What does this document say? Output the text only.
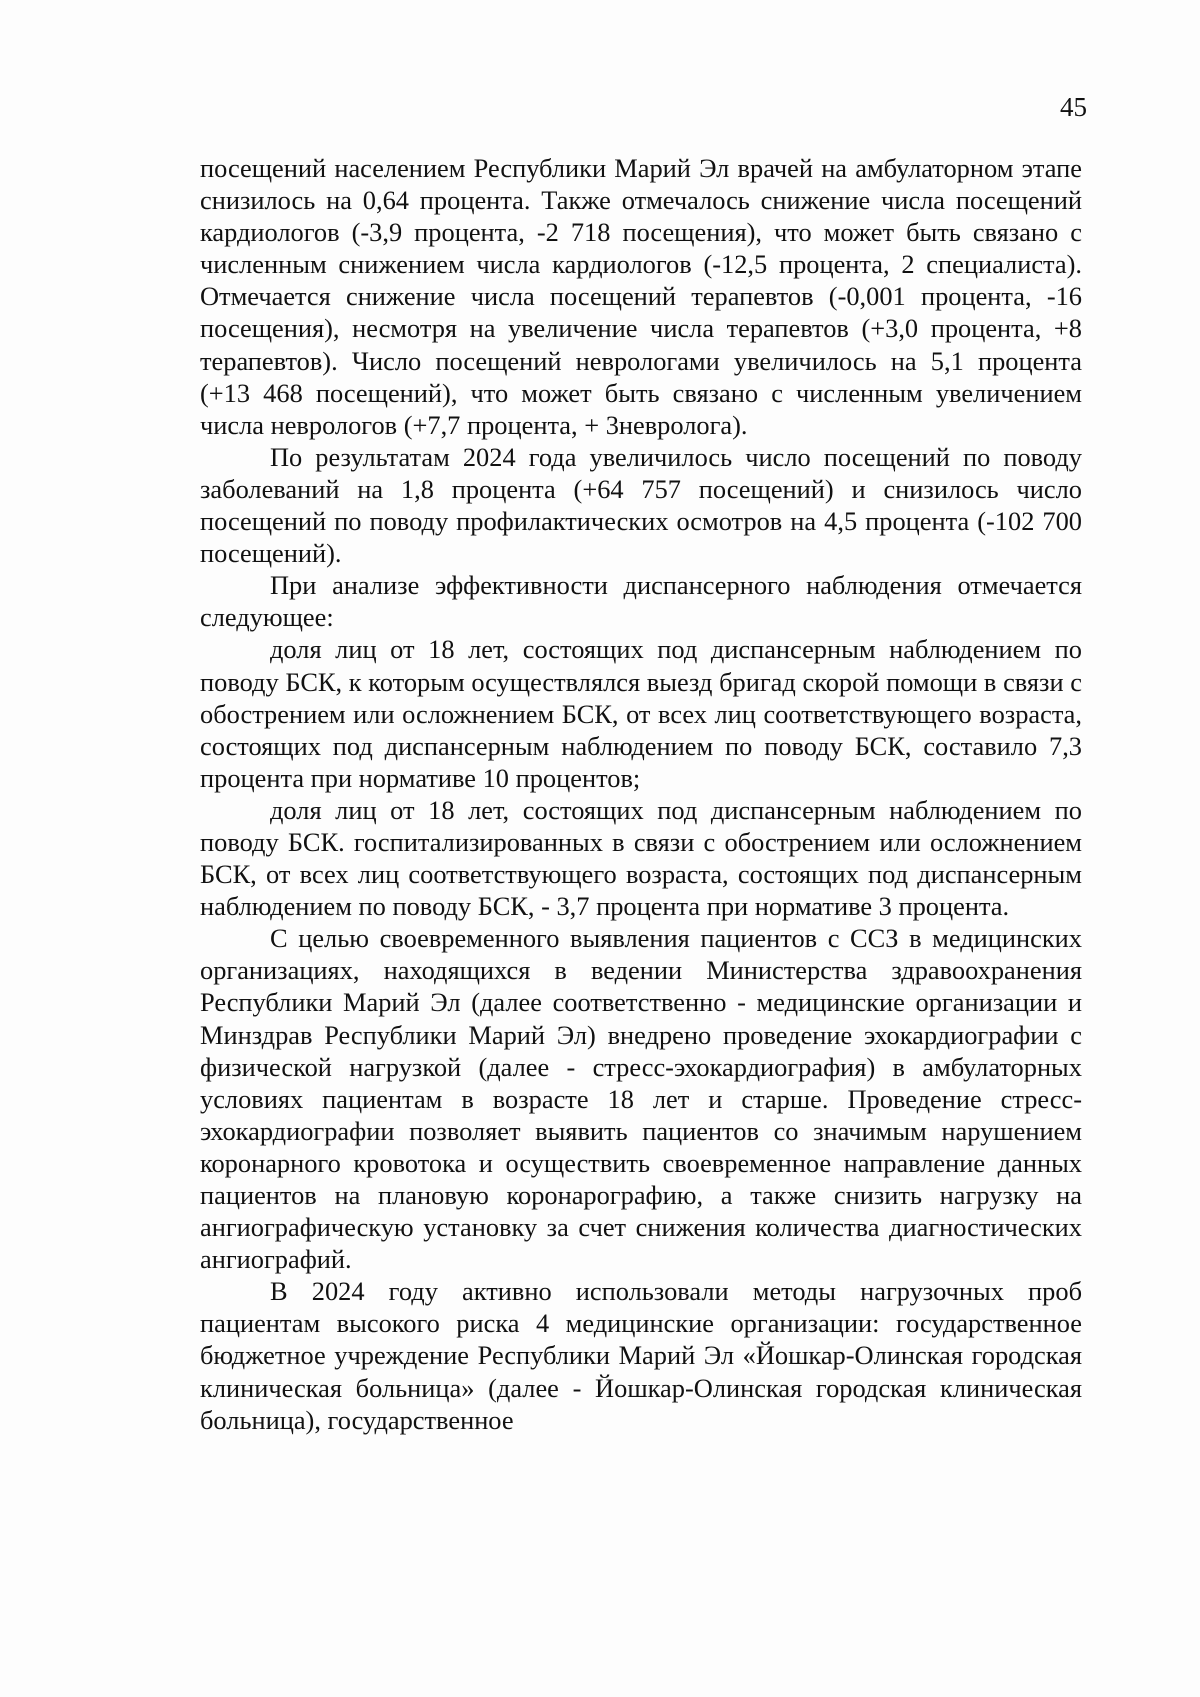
45

посещений населением Республики Марий Эл врачей на амбулаторном этапе снизилось на 0,64 процента. Также отмечалось снижение числа посещений кардиологов (-3,9 процента, -2 718 посещения), что может быть связано с численным снижением числа кардиологов (-12,5 процента, 2 специалиста). Отмечается снижение числа посещений терапевтов (-0,001 процента, -16 посещения), несмотря на увеличение числа терапевтов (+3,0 процента, +8 терапевтов). Число посещений неврологами увеличилось на 5,1 процента (+13 468 посещений), что может быть связано с численным увеличением числа неврологов (+7,7 процента, + 3невролога).

По результатам 2024 года увеличилось число посещений по поводу заболеваний на 1,8 процента (+64 757 посещений) и снизилось число посещений по поводу профилактических осмотров на 4,5 процента (-102 700 посещений).

При анализе эффективности диспансерного наблюдения отмечается следующее:

доля лиц от 18 лет, состоящих под диспансерным наблюдением по поводу БСК, к которым осуществлялся выезд бригад скорой помощи в связи с обострением или осложнением БСК, от всех лиц соответствующего возраста, состоящих под диспансерным наблюдением по поводу БСК, составило 7,3 процента при нормативе 10 процентов;

доля лиц от 18 лет, состоящих под диспансерным наблюдением по поводу БСК. госпитализированных в связи с обострением или осложнением БСК, от всех лиц соответствующего возраста, состоящих под диспансерным наблюдением по поводу БСК, - 3,7 процента при нормативе 3 процента.

С целью своевременного выявления пациентов с ССЗ в медицинских организациях, находящихся в ведении Министерства здравоохранения Республики Марий Эл (далее соответственно - медицинские организации и Минздрав Республики Марий Эл) внедрено проведение эхокардиографии с физической нагрузкой (далее - стресс-эхокардиография) в амбулаторных условиях пациентам в возрасте 18 лет и старше. Проведение стресс-эхокардиографии позволяет выявить пациентов со значимым нарушением коронарного кровотока и осуществить своевременное направление данных пациентов на плановую коронарографию, а также снизить нагрузку на ангиографическую установку за счет снижения количества диагностических ангиографий.

В 2024 году активно использовали методы нагрузочных проб пациентам высокого риска 4 медицинские организации: государственное бюджетное учреждение Республики Марий Эл «Йошкар-Олинская городская клиническая больница» (далее - Йошкар-Олинская городская клиническая больница), государственное
